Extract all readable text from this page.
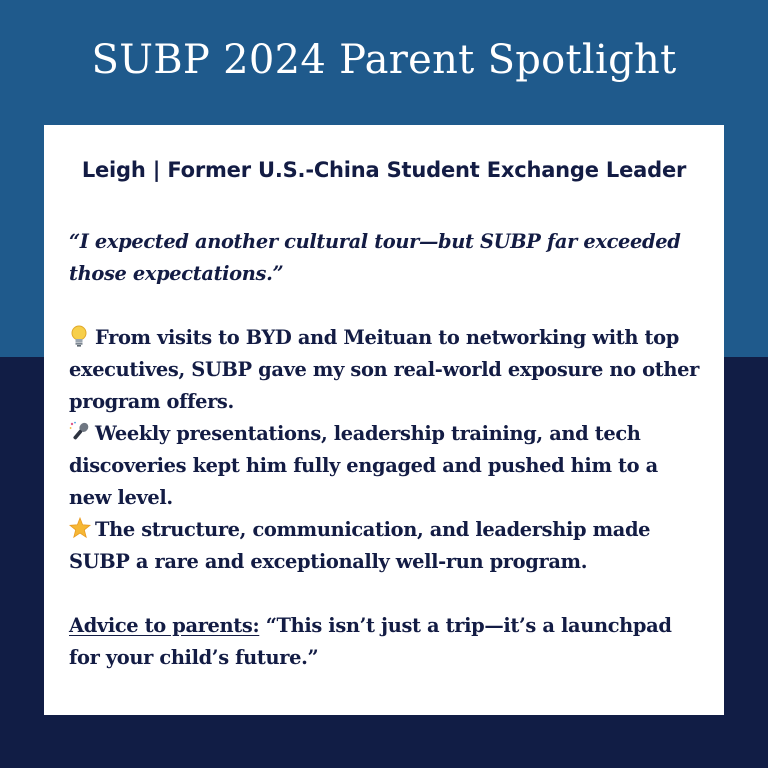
SUBP 2024 Parent Spotlight
Leigh | Former U.S.-China Student Exchange Leader

“I expected another cultural tour—but SUBP far exceeded those expectations.”

From visits to BYD and Meituan to networking with top executives, SUBP gave my son real-world exposure no other program offers.

Weekly presentations, leadership training, and tech discoveries kept him fully engaged and pushed him to a new level.

The structure, communication, and leadership made SUBP a rare and exceptionally well-run program.

Advice to parents: “This isn’t just a trip—it’s a launchpad for your child’s future.”
